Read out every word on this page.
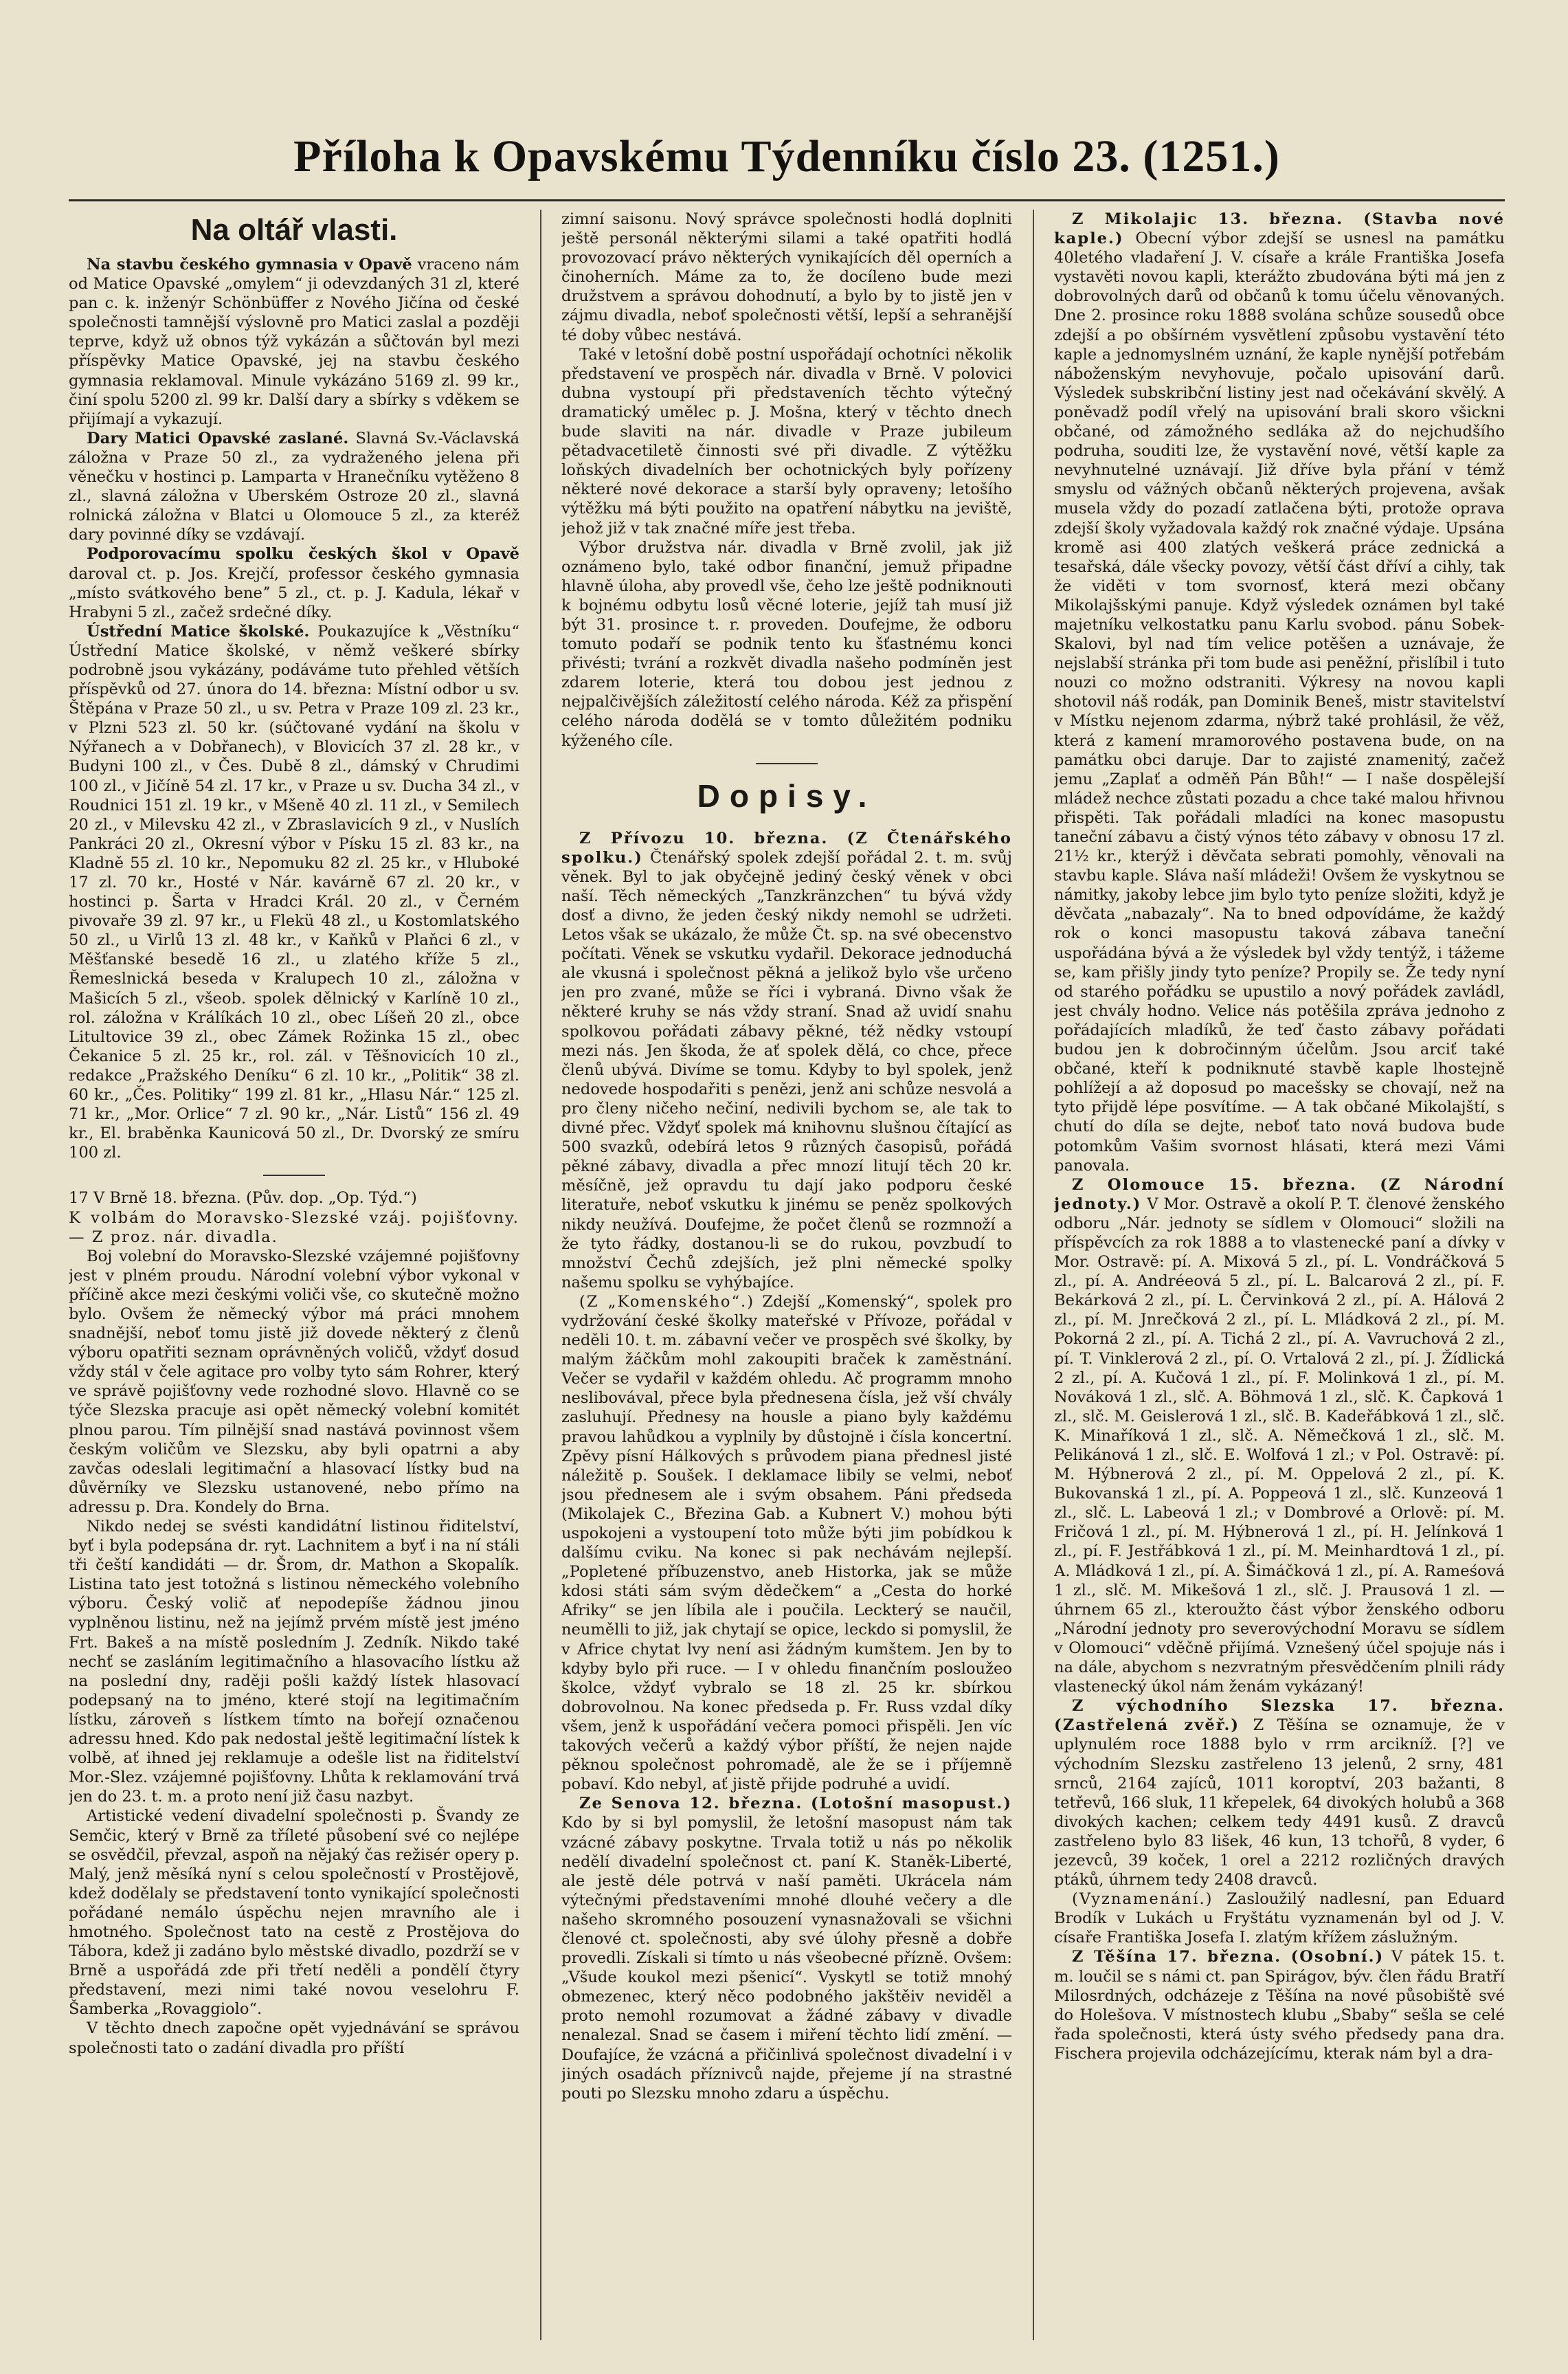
Příloha k Opavskému Týdenníku číslo 23. (1251.)
Na oltář vlasti.

Na stavbu českého gymnasia v Opavě vraceno nám od Matice Opavské „omylem“ ji odevzdaných 31 zl, které pan c. k. inženýr Schönbüffer z Nového Jičína od české společnosti tamnější výslovně pro Matici zaslal a později teprve, když už obnos týž vykázán a sůčtován byl mezi příspěvky Matice Opavské, jej na stavbu českého gymnasia reklamoval. Minule vykázáno 5169 zl. 99 kr., činí spolu 5200 zl. 99 kr. Další dary a sbírky s vděkem se přijímají a vykazují.

Dary Matici Opavské zaslané. Slavná Sv.-Václavská záložna v Praze 50 zl., za vydraženého jelena při věnečku v hostinci p. Lamparta v Hranečníku vytěženo 8 zl., slavná záložna v Uberském Ostroze 20 zl., slavná rolnická záložna v Blatci u Olomouce 5 zl., za kteréž dary povinné díky se vzdávají.

Podporovacímu spolku českých škol v Opavě daroval ct. p. Jos. Krejčí, professor českého gymnasia „místo svátkového beneˮ 5 zl., ct. p. J. Kadula, lékař v Hrabyni 5 zl., začež srdečné díky.

Ústřední Matice školské. Poukazujíce k „Věstníku“ Ústřední Matice školské, v němž veškeré sbírky podrobně jsou vykázány, podáváme tuto přehled větších příspěvků od 27. února do 14. března: Místní odbor u sv. Štěpána v Praze 50 zl., u sv. Petra v Praze 109 zl. 23 kr., v Plzni 523 zl. 50 kr. (súčtované vydání na školu v Nýřanech a v Dobřanech), v Blovicích 37 zl. 28 kr., v Budyni 100 zl., v Čes. Dubě 8 zl., dámský v Chrudimi 100 zl., v Jičíně 54 zl. 17 kr., v Praze u sv. Ducha 34 zl., v Roudnici 151 zl. 19 kr., v Mšeně 40 zl. 11 zl., v Semilech 20 zl., v Milevsku 42 zl., v Zbraslavicích 9 zl., v Nuslích Pankráci 20 zl., Okresní výbor v Písku 15 zl. 83 kr., na Kladně 55 zl. 10 kr., Nepomuku 82 zl. 25 kr., v Hluboké 17 zl. 70 kr., Hosté v Nár. kavárně 67 zl. 20 kr., v hostinci p. Šarta v Hradci Král. 20 zl., v Černém pivovaře 39 zl. 97 kr., u Flekü 48 zl., u Kostomlatského 50 zl., u Virlů 13 zl. 48 kr., v Kaňků v Plaňci 6 zl., v Měšťanské besedě 16 zl., u zlatého kříže 5 zl., Řemeslnická beseda v Kralupech 10 zl., záložna v Mašicích 5 zl., všeob. spolek dělnický v Karlíně 10 zl., rol. záložna v Králíkách 10 zl., obec Líšeň 20 zl., obce Litultovice 39 zl., obec Zámek Rožinka 15 zl., obec Čekanice 5 zl. 25 kr., rol. zál. v Těšnovicích 10 zl., redakce „Pražského Deníku“ 6 zl. 10 kr., „Politik“ 38 zl. 60 kr., „Čes. Politiky“ 199 zl. 81 kr., „Hlasu Nár.“ 125 zl. 71 kr., „Mor. Orlice“ 7 zl. 90 kr., „Nár. Listů“ 156 zl. 49 kr., El. braběnka Kaunicová 50 zl., Dr. Dvorský ze smíru 100 zl.

17 V Brně 18. března. (Pův. dop. „Op. Týd.“)

K volbám do Moravsko-Slezské vzáj. pojišťovny. — Z proz. nár. divadla.

Boj volební do Moravsko-Slezské vzájemné pojišťovny jest v plném proudu. Národní volební výbor vykonal v příčině akce mezi českými voliči vše, co skutečně možno bylo. Ovšem že německý výbor má práci mnohem snadnější, neboť tomu jistě již dovede některý z členů výboru opatřiti seznam oprávněných voličů, vždyť dosud vždy stál v čele agitace pro volby tyto sám Rohrer, který ve správě pojišťovny vede rozhodné slovo. Hlavně co se týče Slezska pracuje asi opět německý volební komitét plnou parou. Tím pilnější snad nastává povinnost všem českým voličům ve Slezsku, aby byli opatrni a aby zavčas odeslali legitimační a hlasovací lístky bud na důvěrníky ve Slezsku ustanovené, nebo přímo na adressu p. Dra. Kondely do Brna.

Nikdo nedej se svésti kandidátní listinou řiditelství, byť i byla podepsána dr. ryt. Lachnitem a byť i na ní stáli tři čeští kandidáti — dr. Šrom, dr. Mathon a Skopalík. Listina tato jest totožná s listinou německého volebního výboru. Český volič ať nepodepíše žádnou jinou vyplněnou listinu, než na jejímž prvém místě jest jméno Frt. Bakeš a na místě posledním J. Zedník. Nikdo také nechť se zasláním legitimačního a hlasovacího lístku až na poslední dny, raději pošli každý lístek hlasovací podepsaný na to jméno, které stojí na legitimačním lístku, zároveň s lístkem tímto na bořejí označenou adressu hned. Kdo pak nedostal ještě legitimační lístek k volbě, ať ihned jej reklamuje a odešle list na řiditelství Mor.-Slez. vzájemné pojišťovny. Lhůta k reklamování trvá jen do 23. t. m. a proto není již času nazbyt.

Artistické vedení divadelní společnosti p. Švandy ze Semčic, který v Brně za tříleté působení své co nejlépe se osvědčil, převzal, aspoň na nějaký čas režisér opery p. Malý, jenž měsíká nyní s celou společností v Prostějově, kdež dodělaly se představení tonto vynikající společnosti pořádané nemálo úspěchu nejen mravního ale i hmotného. Společnost tato na cestě z Prostějova do Tábora, kdež ji zadáno bylo městské divadlo, pozdrží se v Brně a uspořádá zde při třetí neděli a pondělí čtyry představení, mezi nimi také novou veselohru F. Šamberka „Rovaggiolo“.

V těchto dnech započne opět vyjednávání se správou společnosti tato o zadání divadla pro příští

zimní saisonu. Nový správce společnosti hodlá doplniti ještě personál některými silami a také opatřiti hodlá provozovací právo některých vynikajících děl operních a činoherních. Máme za to, že docíleno bude mezi družstvem a správou dohodnutí, a bylo by to jistě jen v zájmu divadla, neboť společnosti větší, lepší a sehranější té doby vůbec nestává.

Také v letošní době postní uspořádají ochotníci několik představení ve prospěch nár. divadla v Brně. V polovici dubna vystoupí při představeních těchto výtečný dramatický umělec p. J. Mošna, který v těchto dnech bude slaviti na nár. divadle v Praze jubileum pětadvacetiletě činnosti své při divadle. Z výtěžku loňských divadelních ber ochotnických byly pořízeny některé nové dekorace a starší byly opraveny; letošího výtěžku má býti použito na opatření nábytku na jeviště, jehož již v tak značné míře jest třeba.

Výbor družstva nár. divadla v Brně zvolil, jak již oznámeno bylo, také odbor finanční, jemuž připadne hlavně úloha, aby provedl vše, čeho lze ještě podniknouti k bojnému odbytu losů věcné loterie, jejíž tah musí již být 31. prosince t. r. proveden. Doufejme, že odboru tomuto podaří se podnik tento ku šťastnému konci přivésti; tvrání a rozkvět divadla našeho podmíněn jest zdarem loterie, která tou dobou jest jednou z nejpalčivějších záležitostí celého národa. Kéž za přispění celého národa dodělá se v tomto důležitém podniku kýženého cíle.

Dopisy.

Z Přívozu 10. března. (Z Čtenářského spolku.) Čtenářský spolek zdejší pořádal 2. t. m. svůj věnek. Byl to jak obyčejně jediný český věnek v obci naší. Těch německých „Tanzkränzchen“ tu bývá vždy dosť a divno, že jeden český nikdy nemohl se udržeti. Letos však se ukázalo, že může Čt. sp. na své obecenstvo počítati. Věnek se vskutku vydařil. Dekorace jednoduchá ale vkusná i společnost pěkná a jelikož bylo vše určeno jen pro zvané, může se říci i vybraná. Divno však že některé kruhy se nás vždy straní. Snad až uvidí snahu spolkovou pořádati zábavy pěkné, též nědky vstoupí mezi nás. Jen škoda, že ať spolek dělá, co chce, přece členů ubývá. Divíme se tomu. Kdyby to byl spolek, jenž nedovede hospodařiti s penězi, jenž ani schůze nesvolá a pro členy ničeho nečiní, nedivili bychom se, ale tak to divné přec. Vždyť spolek má knihovnu slušnou čítající as 500 svazků, odebírá letos 9 různých časopisů, pořádá pěkné zábavy, divadla a přec mnozí litují těch 20 kr. měsíčně, jež opravdu tu dají jako podporu české literatuře, neboť vskutku k jinému se peněz spolkových nikdy neužívá. Doufejme, že počet členů se rozmnoží a že tyto řádky, dostanou-li se do rukou, povzbudí to množství Čechů zdejších, jež plni německé spolky našemu spolku se vyhýbajíce.

(Z „Komenského“.) Zdejší „Komenský“, spolek pro vydržování české školky mateřské v Přívoze, pořádal v neděli 10. t. m. zábavní večer ve prospěch své školky, by malým žáčkům mohl zakoupiti braček k zaměstnání. Večer se vydařil v každém ohledu. Ač programm mnoho neslibovával, přece byla přednesena čísla, jež vší chvály zasluhují. Přednesy na housle a piano byly každému pravou lahůdkou a vyplnily by důstojně i čísla koncertní. Zpěvy písní Hálkových s průvodem piana přednesl jisté náležitě p. Soušek. I deklamace libily se velmi, neboť jsou přednesem ale i svým obsahem. Páni předseda (Mikolajek C., Březina Gab. a Kubnert V.) mohou býti uspokojeni a vystoupení toto může býti jim pobídkou k dalšímu cviku. Na konec si pak nechávám nejlepší. „Popletené příbuzenstvo, aneb Historka, jak se může kdosi státi sám svým dědečkem“ a „Cesta do horké Afriky“ se jen líbila ale i poučila. Leckterý se naučil, neumělli to již, jak chytají se opice, leckdo si pomyslil, že v Africe chytat lvy není asi žádným kumštem. Jen by to kdyby bylo při ruce. — I v ohledu finančním posloužeo školce, vždyť vybralo se 18 zl. 25 kr. sbírkou dobrovolnou. Na konec předseda p. Fr. Russ vzdal díky všem, jenž k uspořádání večera pomoci přispěli. Jen víc takových večerů a každý výbor příští, že nejen najde pěknou společnost pohromadě, ale že se i příjemně pobaví. Kdo nebyl, ať jistě přijde podruhé a uvidí.

Ze Senova 12. března. (Lotošní masopust.) Kdo by si byl pomyslil, že letošní masopust nám tak vzácné zábavy poskytne. Trvala totiž u nás po několik nedělí divadelní společnost ct. paní K. Staněk-Liberté, ale jestě déle potrvá v naší paměti. Ukrácela nám výtečnými představeními mnohé dlouhé večery a dle našeho skromného posouzení vynasnažovali se všichni členové ct. společnosti, aby své úlohy přesně a dobře provedli. Získali si tímto u nás všeobecné přízně. Ovšem: „Všude koukol mezi pšenicí“. Vyskytl se totiž mnohý obmezenec, který něco podobného jakštěiv neviděl a proto nemohl rozumovat a žádné zábavy v divadle nenalezal. Snad se časem i miření těchto lidí změní. — Doufajíce, že vzácná a přičinlivá společnost divadelní i v jiných osadách příznivců najde, přejeme jí na strastné pouti po Slezsku mnoho zdaru a úspěchu.

Z Mikolajic 13. března. (Stavba nové kaple.) Obecní výbor zdejší se usnesl na památku 40letého vladaření J. V. císaře a krále Františka Josefa vystavěti novou kapli, kterážto zbudována býti má jen z dobrovolných darů od občanů k tomu účelu věnovaných. Dne 2. prosince roku 1888 svolána schůze sousedů obce zdejší a po obšírném vysvětlení způsobu vystavění této kaple a jednomyslném uznání, že kaple nynější potřebám náboženským nevyhovuje, počalo upisování darů. Výsledek subskribční listiny jest nad očekávání skvělý. A poněvadž podíl vřelý na upisování brali skoro všickni občané, od zámožného sedláka až do nejchudšího podruha, souditi lze, že vystavění nové, větší kaple za nevyhnutelné uznávají. Již dříve byla přání v témž smyslu od vážných občanů některých projevena, avšak musela vždy do pozadí zatlačena býti, protože oprava zdejší školy vyžadovala každý rok značné výdaje. Upsána kromě asi 400 zlatých veškerá práce zednická a tesařská, dále všecky povozy, větší část dříví a cihly, tak že viděti v tom svornosť, která mezi občany Mikolajšskými panuje. Když výsledek oznámen byl také majetníku velkostatku panu Karlu svobod. pánu Sobek-Skalovi, byl nad tím velice potěšen a uznávaje, že nejslabší stránka při tom bude asi peněžní, přislíbil i tuto nouzi co možno odstraniti. Výkresy na novou kapli shotovil náš rodák, pan Dominik Beneš, mistr stavitelství v Místku nejenom zdarma, nýbrž také prohlásil, že věž, která z kamení mramorového postavena bude, on na památku obci daruje. Dar to zajisté znamenitý, začež jemu „Zaplať a odměň Pán Bůh!“ — I naše dospělejší mládež nechce zůstati pozadu a chce také malou hřivnou přispěti. Tak pořádali mladíci na konec masopustu taneční zábavu a čistý výnos této zábavy v obnosu 17 zl. 21½ kr., kterýž i děvčata sebrati pomohly, věnovali na stavbu kaple. Sláva naší mládeži! Ovšem že vyskytnou se námitky, jakoby lebce jim bylo tyto peníze složiti, když je děvčata „nabazaly“. Na to bned odpovídáme, že každý rok o konci masopustu taková zábava taneční uspořádána bývá a že výsledek byl vždy tentýž, i tážeme se, kam přišly jindy tyto peníze? Propily se. Že tedy nyní od starého pořádku se upustilo a nový pořádek zavládl, jest chvály hodno. Velice nás potěšila zpráva jednoho z pořádajících mladíků, že teď často zábavy pořádati budou jen k dobročinným účelům. Jsou arciť také občané, kteří k podniknuté stavbě kaple lhostejně pohlížejí a až doposud po macešsky se chovají, než na tyto přijdě lépe posvítíme. — A tak občané Mikolajští, s chutí do díla se dejte, neboť tato nová budova bude potomkům Vašim svornost hlásati, která mezi Vámi panovala.

Z Olomouce 15. března. (Z Národní jednoty.) V Mor. Ostravě a okolí P. T. členové ženského odboru „Nár. jednoty se sídlem v Olomouci“ složili na příspěvcích za rok 1888 a to vlastenecké paní a dívky v Mor. Ostravě: pí. A. Mixová 5 zl., pí. L. Vondráčková 5 zl., pí. A. Andréeová 5 zl., pí. L. Balcarová 2 zl., pí. F. Bekárková 2 zl., pí. L. Červinková 2 zl., pí. A. Hálová 2 zl., pí. M. Jnrečková 2 zl., pí. L. Mládková 2 zl., pí. M. Pokorná 2 zl., pí. A. Tichá 2 zl., pí. A. Vavruchová 2 zl., pí. T. Vinklerová 2 zl., pí. O. Vrtalová 2 zl., pí. J. Žídlická 2 zl., pí. A. Kučová 1 zl., pí. F. Molinková 1 zl., pí. M. Nováková 1 zl., slč. A. Böhmová 1 zl., slč. K. Čapková 1 zl., slč. M. Geislerová 1 zl., slč. B. Kadeřábková 1 zl., slč. K. Minaříková 1 zl., slč. A. Němečková 1 zl., slč. M. Pelikánová 1 zl., slč. E. Wolfová 1 zl.; v Pol. Ostravě: pí. M. Hýbnerová 2 zl., pí. M. Oppelová 2 zl., pí. K. Bukovanská 1 zl., pí. A. Poppeová 1 zl., slč. Kunzeová 1 zl., slč. L. Labeová 1 zl.; v Dombrové a Orlově: pí. M. Fričová 1 zl., pí. M. Hýbnerová 1 zl., pí. H. Jelínková 1 zl., pí. F. Jestřábková 1 zl., pí. M. Meinhardtová 1 zl., pí. A. Mládková 1 zl., pí. A. Šimáčková 1 zl., pí. A. Rameśová 1 zl., slč. M. Mikešová 1 zl., slč. J. Prausová 1 zl. — úhrnem 65 zl., kteroužto část výbor ženského odboru „Národní jednoty pro severovýchodní Moravu se sídlem v Olomouci“ vděčně přijímá. Vznešený účel spojuje nás i na dále, abychom s nezvratným přesvědčením plnili rády vlastenecký úkol nám ženám vykázaný!

Z východního Slezska 17. března. (Zastřelená zvěř.) Z Těšína se oznamuje, že v uplynulém roce 1888 bylo v rrm arcikníž. [?] ve východním Slezsku zastřeleno 13 jelenů, 2 srny, 481 srnců, 2164 zajíců, 1011 koroptví, 203 bažanti, 8 tetřevů, 166 sluk, 11 křepelek, 64 divokých holubů a 368 divokých kachen; celkem tedy 4491 kusů. Z dravců zastřeleno bylo 83 lišek, 46 kun, 13 tchořů, 8 vyder, 6 jezevců, 39 koček, 1 orel a 2212 rozličných dravých ptáků, úhrnem tedy 2408 dravců.

(Vyznamenání.) Zasloužilý nadlesní, pan Eduard Brodík v Lukách u Fryštátu vyznamenán byl od J. V. císaře Františka Josefa I. zlatým křížem záslužným.

Z Těšína 17. března. (Osobní.) V pátek 15. t. m. loučil se s námi ct. pan Spirágov, býv. člen řádu Bratří Milosrdných, odcházeje z Těšína na nové působiště své do Holešova. V místnostech klubu „Sbaby“ sešla se celé řada společnosti, která ústy svého předsedy pana dra. Fischera projevila odcházejícímu, kterak nám byl a dra-
